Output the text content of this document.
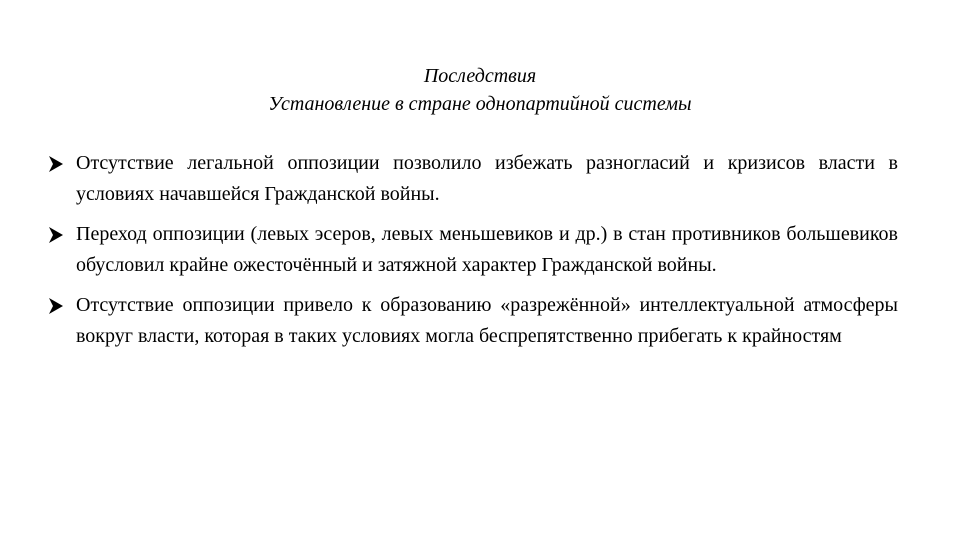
Последствия
Установление в стране однопартийной системы
Отсутствие легальной оппозиции позволило избежать разногласий и кризисов власти в условиях начавшейся Гражданской войны.
Переход оппозиции (левых эсеров, левых меньшевиков и др.) в стан противников большевиков обусловил крайне ожесточённый и затяжной характер Гражданской войны.
Отсутствие оппозиции привело к образованию «разрежённой» интеллектуальной атмосферы вокруг власти, которая в таких условиях могла беспрепятственно прибегать к крайностям
